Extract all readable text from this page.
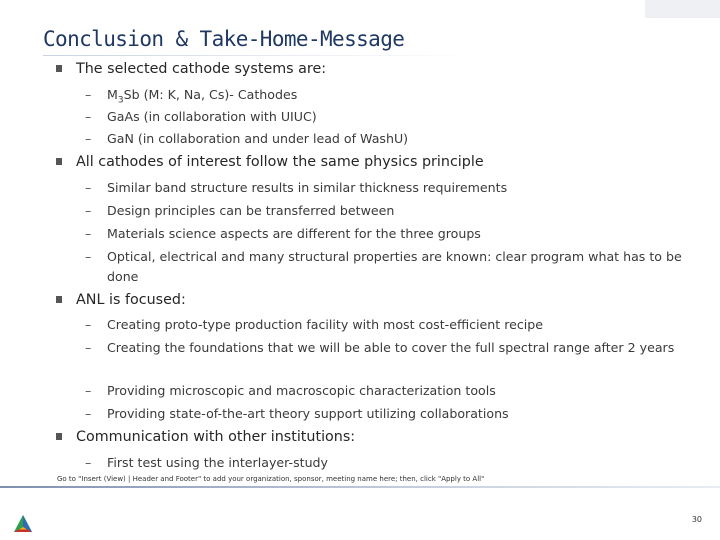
Conclusion & Take-Home-Message
The selected cathode systems are:
– $M_3Sb$ (M: K, Na, Cs)- Cathodes
– GaAs (in collaboration with UIUC)
– GaN (in collaboration and under lead of WashU)
All cathodes of interest follow the same physics principle
– Similar band structure results in similar thickness requirements
– Design principles can be transferred between
– Materials science aspects are different for the three groups
– Optical, electrical and many structural properties are known: clear program what has to be done
ANL is focused:
– Creating proto-type production facility with most cost-efficient recipe
– Creating the foundations that we will be able to cover the full spectral range after 2 years
– Providing microscopic and macroscopic characterization tools
– Providing state-of-the-art theory support utilizing collaborations
Communication with other institutions:
– First test using the interlayer-study
Go to "Insert (View) | Header and Footer" to add your organization, sponsor, meeting name here; then, click "Apply to All"
30
